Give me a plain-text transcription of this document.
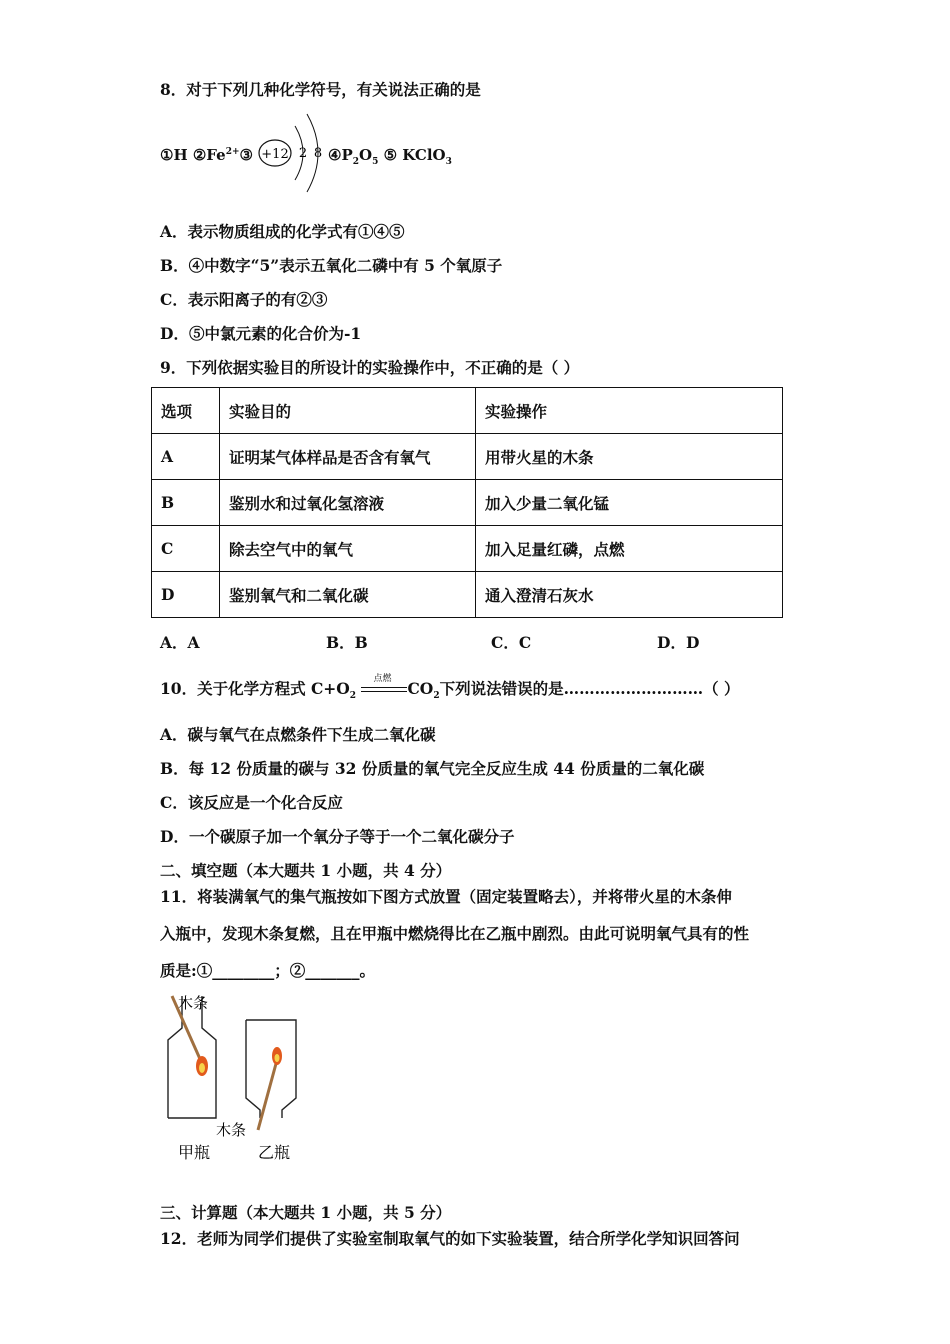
8．对于下列几种化学符号，有关说法正确的是
①H $②Fe^{2+}③ +12$ 2 8 $④P_2O_5$ ⑤ KClO$_3$
A．表示物质组成的化学式有①④⑤
B．④中数字“5”表示五氧化二磷中有 5 个氧原子
C．表示阳离子的有②③
D．⑤中氯元素的化合价为-1
9．下列依据实验目的所设计的实验操作中，不正确的是（ ）
选项	实验目的	实验操作
A	证明某气体样品是否含有氧气	用带火星的木条
B	鉴别水和过氧化氢溶液	加入少量二氧化锰
C	除去空气中的氧气	加入足量红磷，点燃
D	鉴别氧气和二氧化碳	通入澄清石灰水
A．A	B．B	C．C	D．D
10．关于化学方程式 $C+O_2$
点燃 $CO_2$下列说法错误的是………………………（ ）
A．碳与氧气在点燃条件下生成二氧化碳
B．每 12 份质量的碳与 32 份质量的氧气完全反应生成 44 份质量的二氧化碳
C．该反应是一个化合反应
D．一个碳原子加一个氧分子等于一个二氧化碳分子
二、填空题（本大题共 1 小题，共 4 分）
11．将装满氧气的集气瓶按如下图方式放置（固定装置略去），并将带火星的木条伸
入瓶中，发现木条复燃，且在甲瓶中燃烧得比在乙瓶中剧烈。由此可说明氧气具有的性
质是:①________；②_______。
木条
木条
甲瓶	乙瓶
三、计算题（本大题共 1 小题，共 5 分）
12．老师为同学们提供了实验室制取氧气的如下实验装置，结合所学化学知识回答问
